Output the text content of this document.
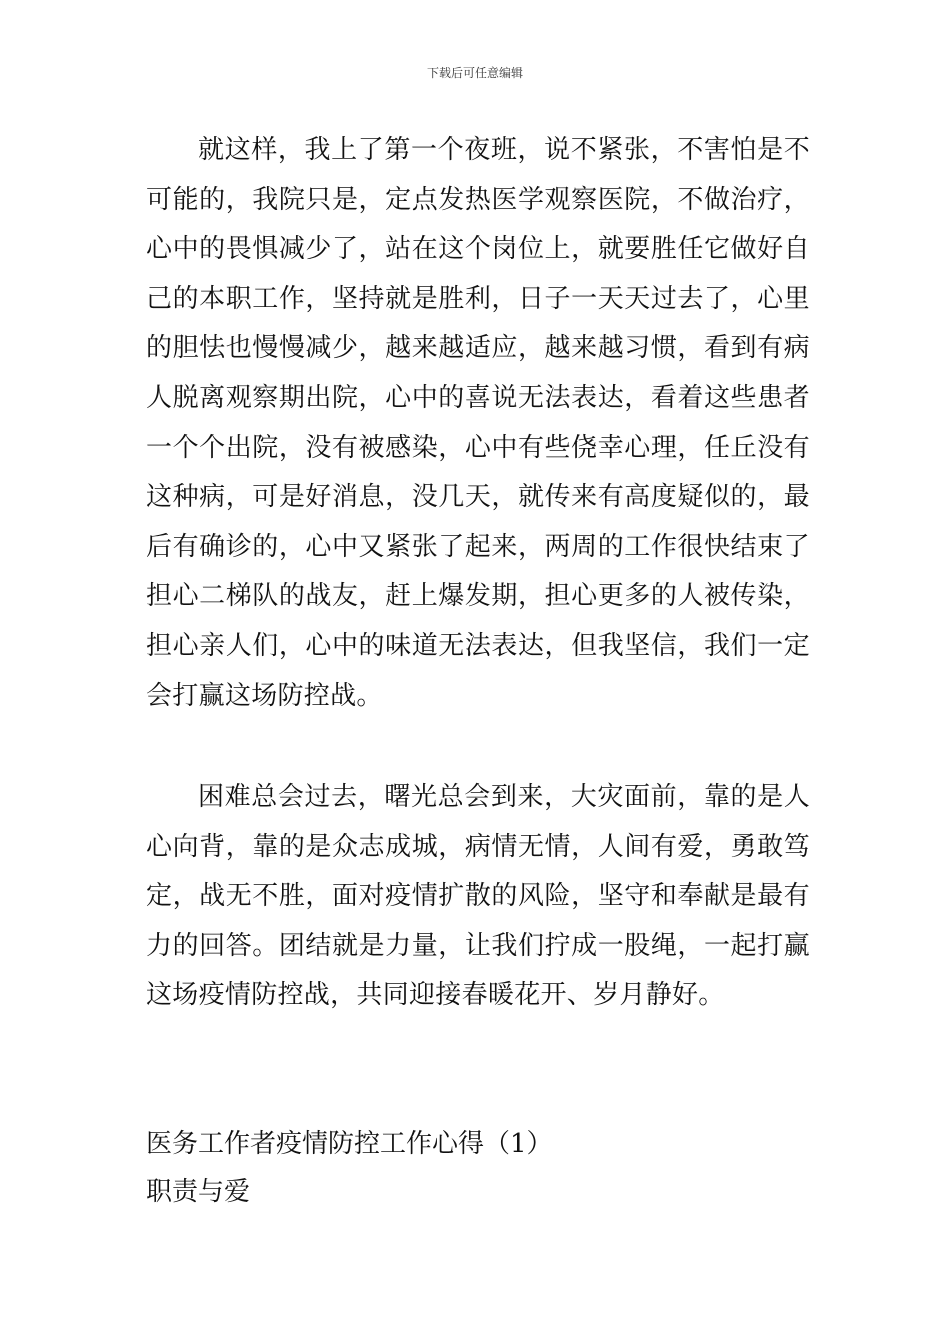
下载后可任意编辑

就这样，我上了第一个夜班，说不紧张，不害怕是不可能的，我院只是，定点发热医学观察医院，不做治疗，心中的畏惧减少了，站在这个岗位上，就要胜任它做好自己的本职工作，坚持就是胜利，日子一天天过去了，心里的胆怯也慢慢减少，越来越适应，越来越习惯，看到有病人脱离观察期出院，心中的喜说无法表达，看着这些患者一个个出院，没有被感染，心中有些侥幸心理，任丘没有这种病，可是好消息，没几天，就传来有高度疑似的，最后有确诊的，心中又紧张了起来，两周的工作很快结束了担心二梯队的战友，赶上爆发期，担心更多的人被传染，担心亲人们，心中的味道无法表达，但我坚信，我们一定会打赢这场防控战。

困难总会过去，曙光总会到来，大灾面前，靠的是人心向背，靠的是众志成城，病情无情，人间有爱，勇敢笃定，战无不胜，面对疫情扩散的风险，坚守和奉献是最有力的回答。团结就是力量，让我们拧成一股绳，一起打赢这场疫情防控战，共同迎接春暖花开、岁月静好。

医务工作者疫情防控工作心得（1）

职责与爱
